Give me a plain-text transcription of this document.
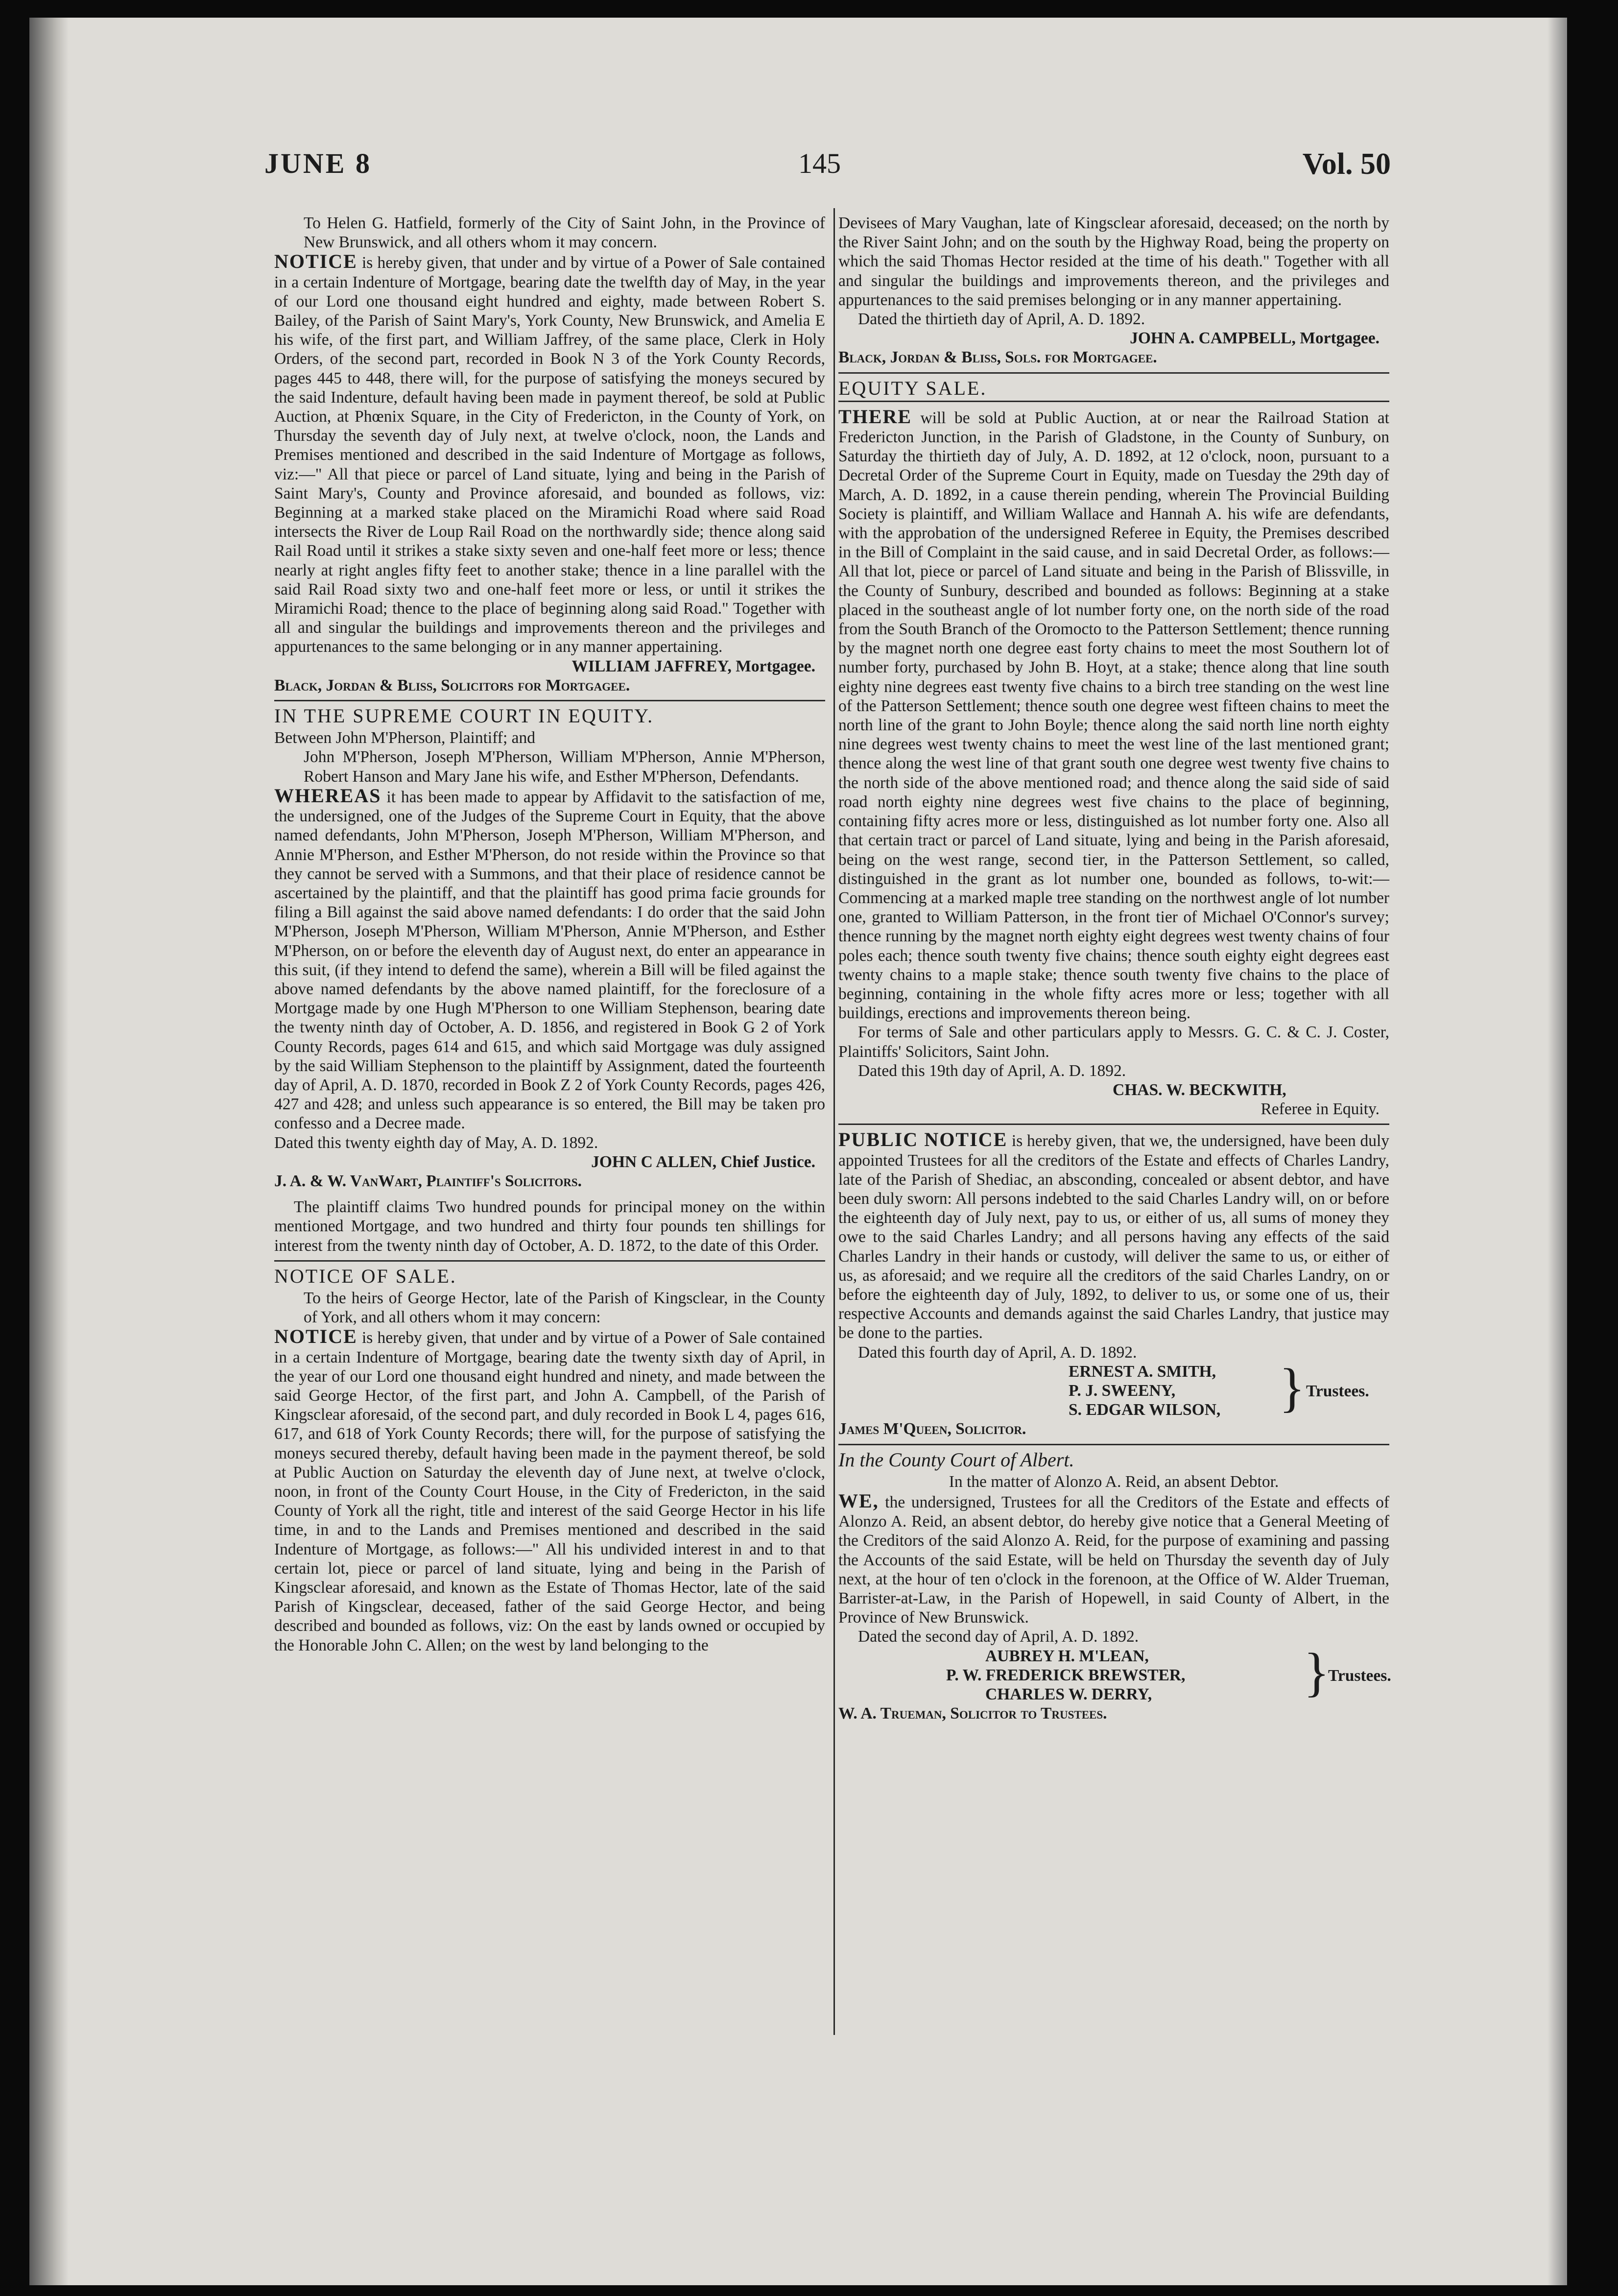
JUNE 8	145	Vol. 50

To Helen G. Hatfield, formerly of the City of Saint John, in the Province of New Brunswick, and all others whom it may concern.

NOTICE is hereby given, that under and by virtue of a Power of Sale contained in a certain Indenture of Mortgage, bearing date the twelfth day of May, in the year of our Lord one thousand eight hundred and eighty, made between Robert S. Bailey, of the Parish of Saint Mary's, York County, New Brunswick, and Amelia E his wife, of the first part, and William Jaffrey, of the same place, Clerk in Holy Orders, of the second part, recorded in Book N 3 of the York County Records, pages 445 to 448, there will, for the purpose of satisfying the moneys secured by the said Indenture, default having been made in payment thereof, be sold at Public Auction, at Phœnix Square, in the City of Fredericton, in the County of York, on Thursday the seventh day of July next, at twelve o'clock, noon, the Lands and Premises mentioned and described in the said Indenture of Mortgage as follows, viz:—" All that piece or parcel of Land situate, lying and being in the Parish of Saint Mary's, County and Province aforesaid, and bounded as follows, viz: Beginning at a marked stake placed on the Miramichi Road where said Road intersects the River de Loup Rail Road on the northwardly side; thence along said Rail Road until it strikes a stake sixty seven and one-half feet more or less; thence nearly at right angles fifty feet to another stake; thence in a line parallel with the said Rail Road sixty two and one-half feet more or less, or until it strikes the Miramichi Road; thence to the place of beginning along said Road." Together with all and singular the buildings and improvements thereon and the privileges and appurtenances to the same belonging or in any manner appertaining.

WILLIAM JAFFREY, Mortgagee.

Black, Jordan & Bliss, Solicitors for Mortgagee.

IN THE SUPREME COURT IN EQUITY.

Between John M'Pherson, Plaintiff; and

John M'Pherson, Joseph M'Pherson, William M'Pherson, Annie M'Pherson, Robert Hanson and Mary Jane his wife, and Esther M'Pherson, Defendants.

WHEREAS it has been made to appear by Affidavit to the satisfaction of me, the undersigned, one of the Judges of the Supreme Court in Equity, that the above named defendants, John M'Pherson, Joseph M'Pherson, William M'Pherson, and Annie M'Pherson, and Esther M'Pherson, do not reside within the Province so that they cannot be served with a Summons, and that their place of residence cannot be ascertained by the plaintiff, and that the plaintiff has good prima facie grounds for filing a Bill against the said above named defendants: I do order that the said John M'Pherson, Joseph M'Pherson, William M'Pherson, Annie M'Pherson, and Esther M'Pherson, on or before the eleventh day of August next, do enter an appearance in this suit, (if they intend to defend the same), wherein a Bill will be filed against the above named defendants by the above named plaintiff, for the foreclosure of a Mortgage made by one Hugh M'Pherson to one William Stephenson, bearing date the twenty ninth day of October, A. D. 1856, and registered in Book G 2 of York County Records, pages 614 and 615, and which said Mortgage was duly assigned by the said William Stephenson to the plaintiff by Assignment, dated the fourteenth day of April, A. D. 1870, recorded in Book Z 2 of York County Records, pages 426, 427 and 428; and unless such appearance is so entered, the Bill may be taken pro confesso and a Decree made.

Dated this twenty eighth day of May, A. D. 1892.

JOHN C ALLEN, Chief Justice.

J. A. & W. VanWart, Plaintiff's Solicitors.

The plaintiff claims Two hundred pounds for principal money on the within mentioned Mortgage, and two hundred and thirty four pounds ten shillings for interest from the twenty ninth day of October, A. D. 1872, to the date of this Order.

NOTICE OF SALE.

To the heirs of George Hector, late of the Parish of Kingsclear, in the County of York, and all others whom it may concern:

NOTICE is hereby given, that under and by virtue of a Power of Sale contained in a certain Indenture of Mortgage, bearing date the twenty sixth day of April, in the year of our Lord one thousand eight hundred and ninety, and made between the said George Hector, of the first part, and John A. Campbell, of the Parish of Kingsclear aforesaid, of the second part, and duly recorded in Book L 4, pages 616, 617, and 618 of York County Records; there will, for the purpose of satisfying the moneys secured thereby, default having been made in the payment thereof, be sold at Public Auction on Saturday the eleventh day of June next, at twelve o'clock, noon, in front of the County Court House, in the City of Fredericton, in the said County of York all the right, title and interest of the said George Hector in his life time, in and to the Lands and Premises mentioned and described in the said Indenture of Mortgage, as follows:—" All his undivided interest in and to that certain lot, piece or parcel of land situate, lying and being in the Parish of Kingsclear aforesaid, and known as the Estate of Thomas Hector, late of the said Parish of Kingsclear, deceased, father of the said George Hector, and being described and bounded as follows, viz: On the east by lands owned or occupied by the Honorable John C. Allen; on the west by land belonging to the

Devisees of Mary Vaughan, late of Kingsclear aforesaid, deceased; on the north by the River Saint John; and on the south by the Highway Road, being the property on which the said Thomas Hector resided at the time of his death." Together with all and singular the buildings and improvements thereon, and the privileges and appurtenances to the said premises belonging or in any manner appertaining.

Dated the thirtieth day of April, A. D. 1892.

JOHN A. CAMPBELL, Mortgagee.

Black, Jordan & Bliss, Sols. for Mortgagee.

EQUITY SALE.

THERE will be sold at Public Auction, at or near the Railroad Station at Fredericton Junction, in the Parish of Gladstone, in the County of Sunbury, on Saturday the thirtieth day of July, A. D. 1892, at 12 o'clock, noon, pursuant to a Decretal Order of the Supreme Court in Equity, made on Tuesday the 29th day of March, A. D. 1892, in a cause therein pending, wherein The Provincial Building Society is plaintiff, and William Wallace and Hannah A. his wife are defendants, with the approbation of the undersigned Referee in Equity, the Premises described in the Bill of Complaint in the said cause, and in said Decretal Order, as follows:—All that lot, piece or parcel of Land situate and being in the Parish of Blissville, in the County of Sunbury, described and bounded as follows: Beginning at a stake placed in the southeast angle of lot number forty one, on the north side of the road from the South Branch of the Oromocto to the Patterson Settlement; thence running by the magnet north one degree east forty chains to meet the most Southern lot of number forty, purchased by John B. Hoyt, at a stake; thence along that line south eighty nine degrees east twenty five chains to a birch tree standing on the west line of the Patterson Settlement; thence south one degree west fifteen chains to meet the north line of the grant to John Boyle; thence along the said north line north eighty nine degrees west twenty chains to meet the west line of the last mentioned grant; thence along the west line of that grant south one degree west twenty five chains to the north side of the above mentioned road; and thence along the said side of said road north eighty nine degrees west five chains to the place of beginning, containing fifty acres more or less, distinguished as lot number forty one. Also all that certain tract or parcel of Land situate, lying and being in the Parish aforesaid, being on the west range, second tier, in the Patterson Settlement, so called, distinguished in the grant as lot number one, bounded as follows, to-wit:—Commencing at a marked maple tree standing on the northwest angle of lot number one, granted to William Patterson, in the front tier of Michael O'Connor's survey; thence running by the magnet north eighty eight degrees west twenty chains of four poles each; thence south twenty five chains; thence south eighty eight degrees east twenty chains to a maple stake; thence south twenty five chains to the place of beginning, containing in the whole fifty acres more or less; together with all buildings, erections and improvements thereon being.

For terms of Sale and other particulars apply to Messrs. G. C. & C. J. Coster, Plaintiffs' Solicitors, Saint John.

Dated this 19th day of April, A. D. 1892.

CHAS. W. BECKWITH,

Referee in Equity.

PUBLIC NOTICE is hereby given, that we, the undersigned, have been duly appointed Trustees for all the creditors of the Estate and effects of Charles Landry, late of the Parish of Shediac, an absconding, concealed or absent debtor, and have been duly sworn: All persons indebted to the said Charles Landry will, on or before the eighteenth day of July next, pay to us, or either of us, all sums of money they owe to the said Charles Landry; and all persons having any effects of the said Charles Landry in their hands or custody, will deliver the same to us, or either of us, as aforesaid; and we require all the creditors of the said Charles Landry, on or before the eighteenth day of July, 1892, to deliver to us, or some one of us, their respective Accounts and demands against the said Charles Landry, that justice may be done to the parties.

Dated this fourth day of April, A. D. 1892.

ERNEST A. SMITH,

P. J. SWEENY,

S. EDGAR WILSON,	} Trustees.

James M'Queen, Solicitor.

In the County Court of Albert.

In the matter of Alonzo A. Reid, an absent Debtor.

WE, the undersigned, Trustees for all the Creditors of the Estate and effects of Alonzo A. Reid, an absent debtor, do hereby give notice that a General Meeting of the Creditors of the said Alonzo A. Reid, for the purpose of examining and passing the Accounts of the said Estate, will be held on Thursday the seventh day of July next, at the hour of ten o'clock in the forenoon, at the Office of W. Alder Trueman, Barrister-at-Law, in the Parish of Hopewell, in said County of Albert, in the Province of New Brunswick.

Dated the second day of April, A. D. 1892.

AUBREY H. M'LEAN,

P. W. FREDERICK BREWSTER,

CHARLES W. DERRY,	}
Trustees.

W. A. Trueman, Solicitor to Trustees.
